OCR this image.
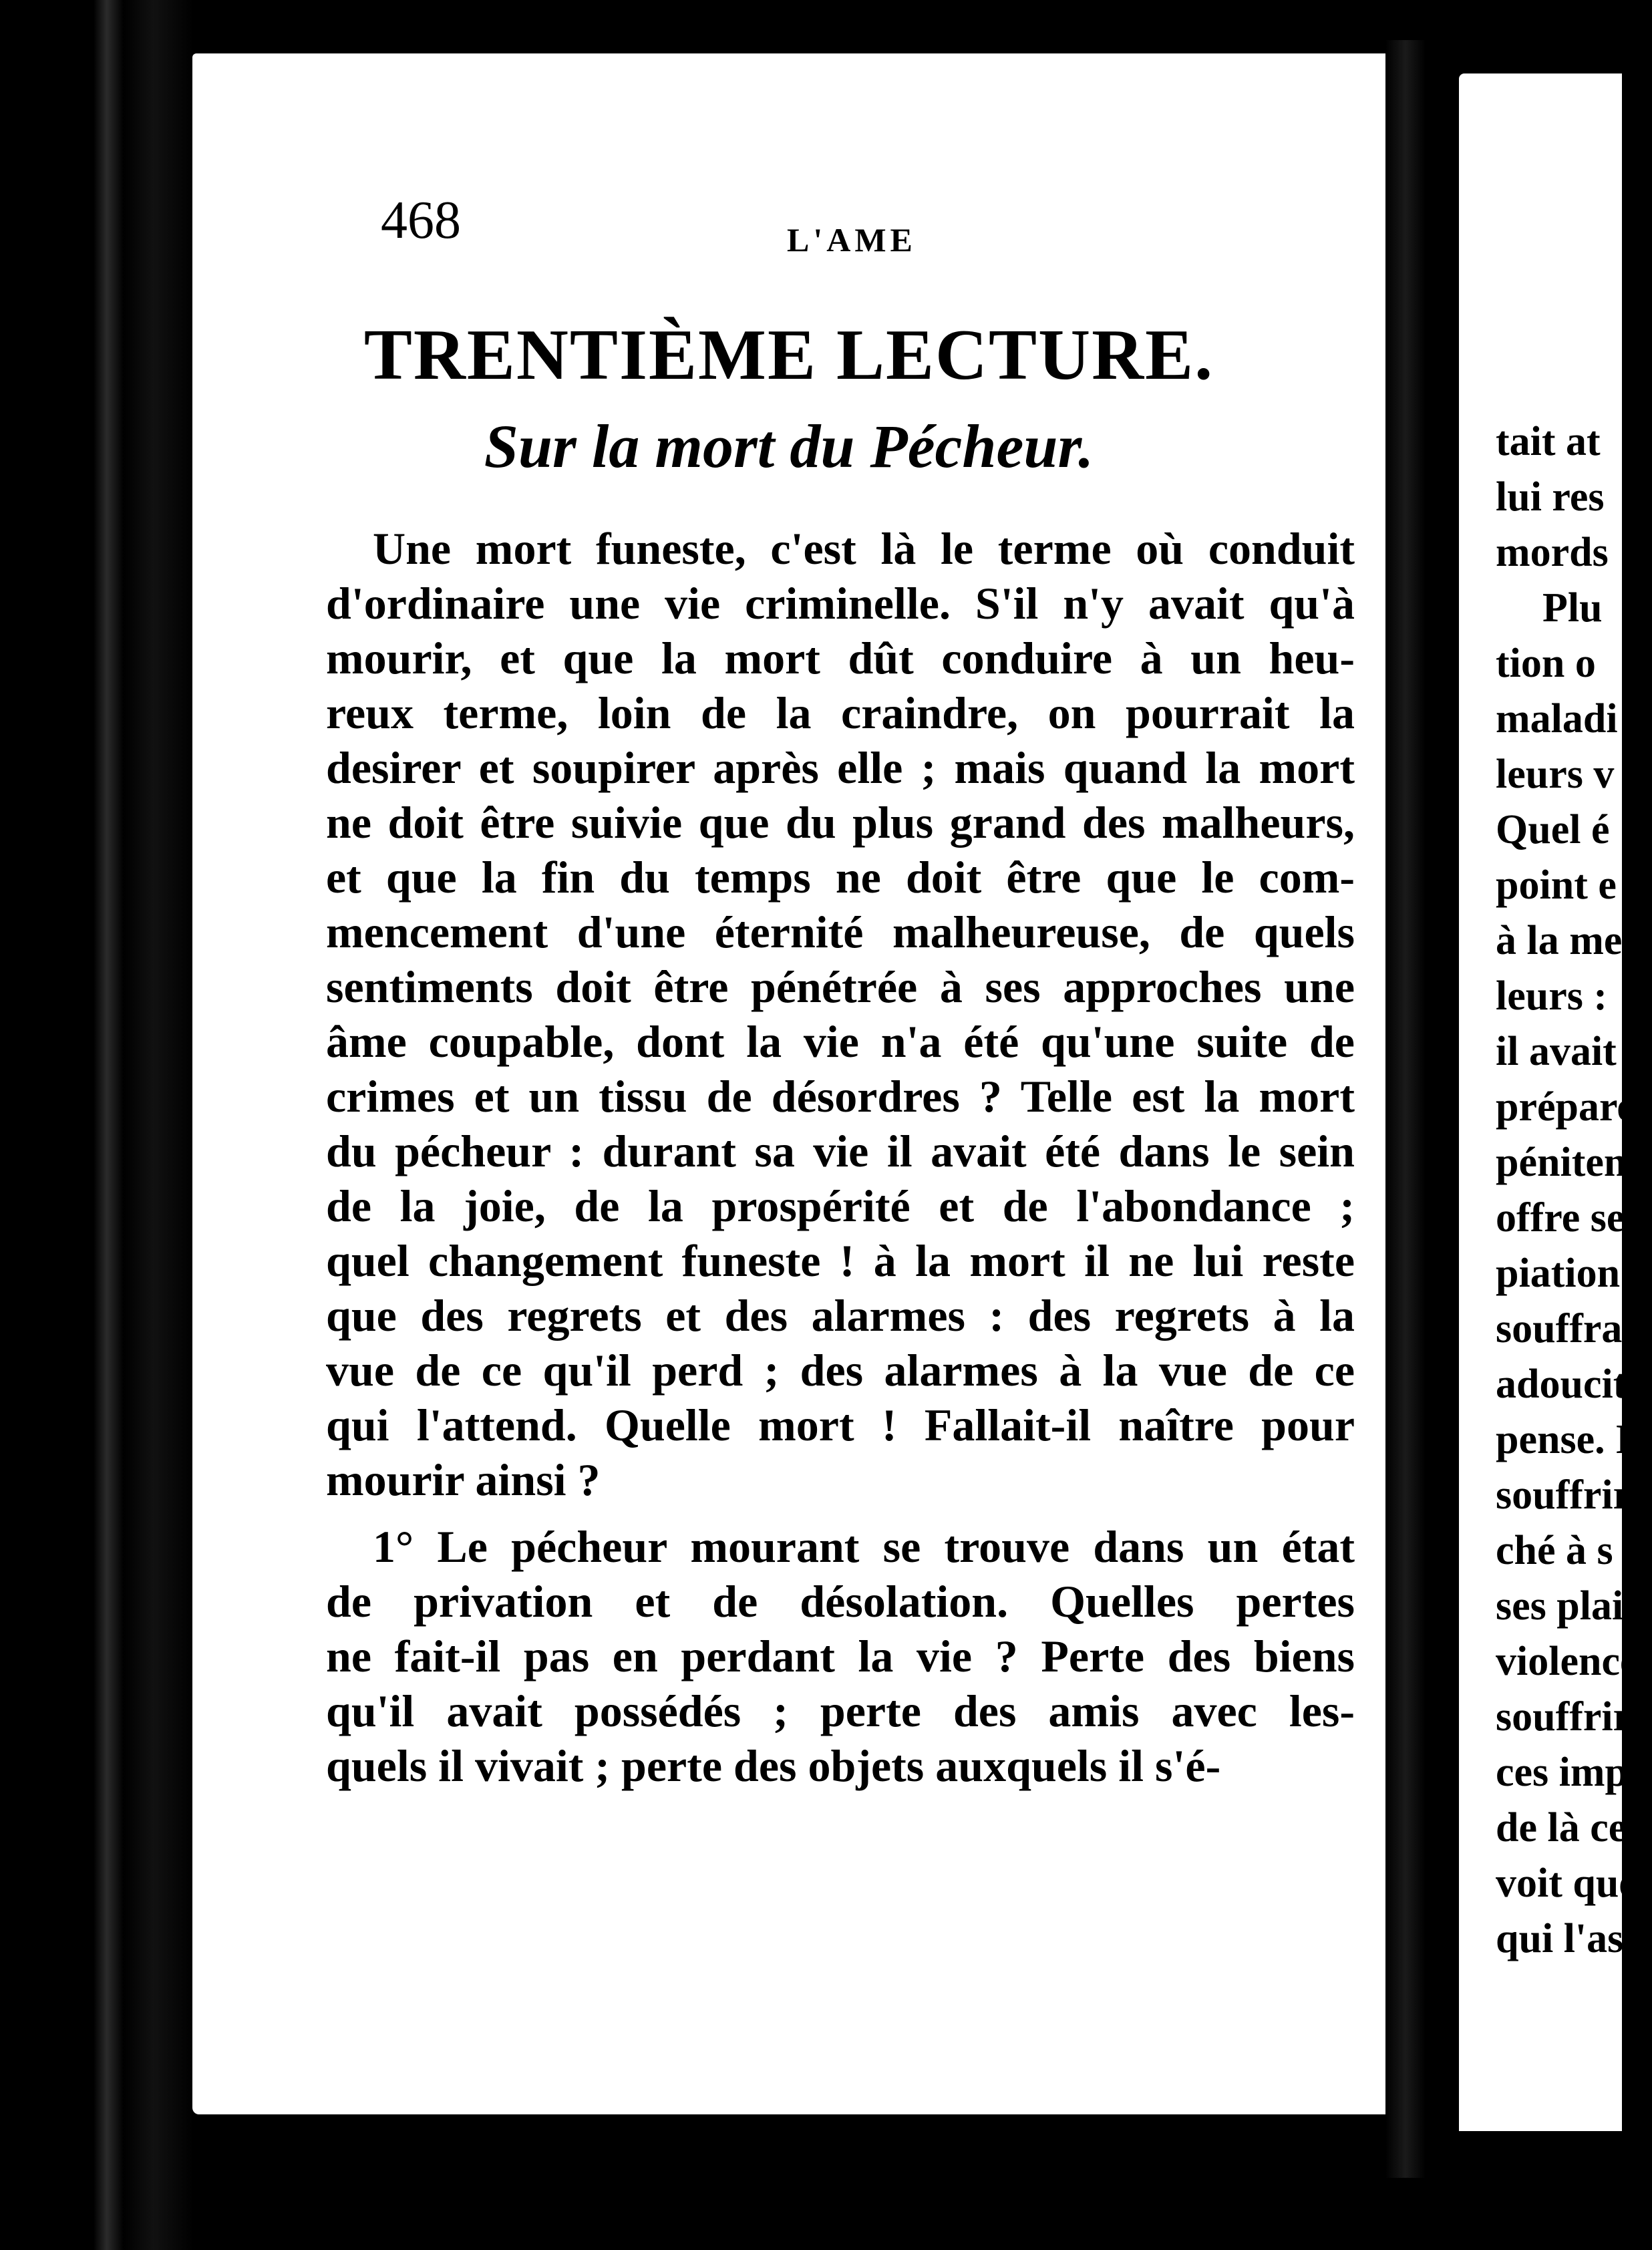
468	L'AME
TRENTIÈME LECTURE.
Sur la mort du Pécheur.
Une mort funeste, c'est là le terme où conduit
d'ordinaire une vie criminelle. S'il n'y avait qu'à
mourir, et que la mort dût conduire à un heu-
reux terme, loin de la craindre, on pourrait la
desirer et soupirer après elle ; mais quand la mort
ne doit être suivie que du plus grand des malheurs,
et que la fin du temps ne doit être que le com-
mencement d'une éternité malheureuse, de quels
sentiments doit être pénétrée à ses approches une
âme coupable, dont la vie n'a été qu'une suite de
crimes et un tissu de désordres ? Telle est la mort
du pécheur : durant sa vie il avait été dans le sein
de la joie, de la prospérité et de l'abondance ;
quel changement funeste ! à la mort il ne lui reste
que des regrets et des alarmes : des regrets à la
vue de ce qu'il perd ; des alarmes à la vue de ce
qui l'attend. Quelle mort ! Fallait-il naître pour
mourir ainsi ?
1° Le pécheur mourant se trouve dans un état
de privation et de désolation. Quelles pertes
ne fait-il pas en perdant la vie ? Perte des biens
qu'il avait possédés ; perte des amis avec les-
quels il vivait ; perte des objets auxquels il s'é-
tait at
lui res
mords
Plu
tion o
maladi
leurs v
Quel é
point e
à la me
leurs :
il avait
prépare
péniten
offre ses
piation
souffran
adoucit
pense. I
souffrir
ché à s
ses plais
violence
souffrira
ces impa
de là ce
voit que
qui l'as
